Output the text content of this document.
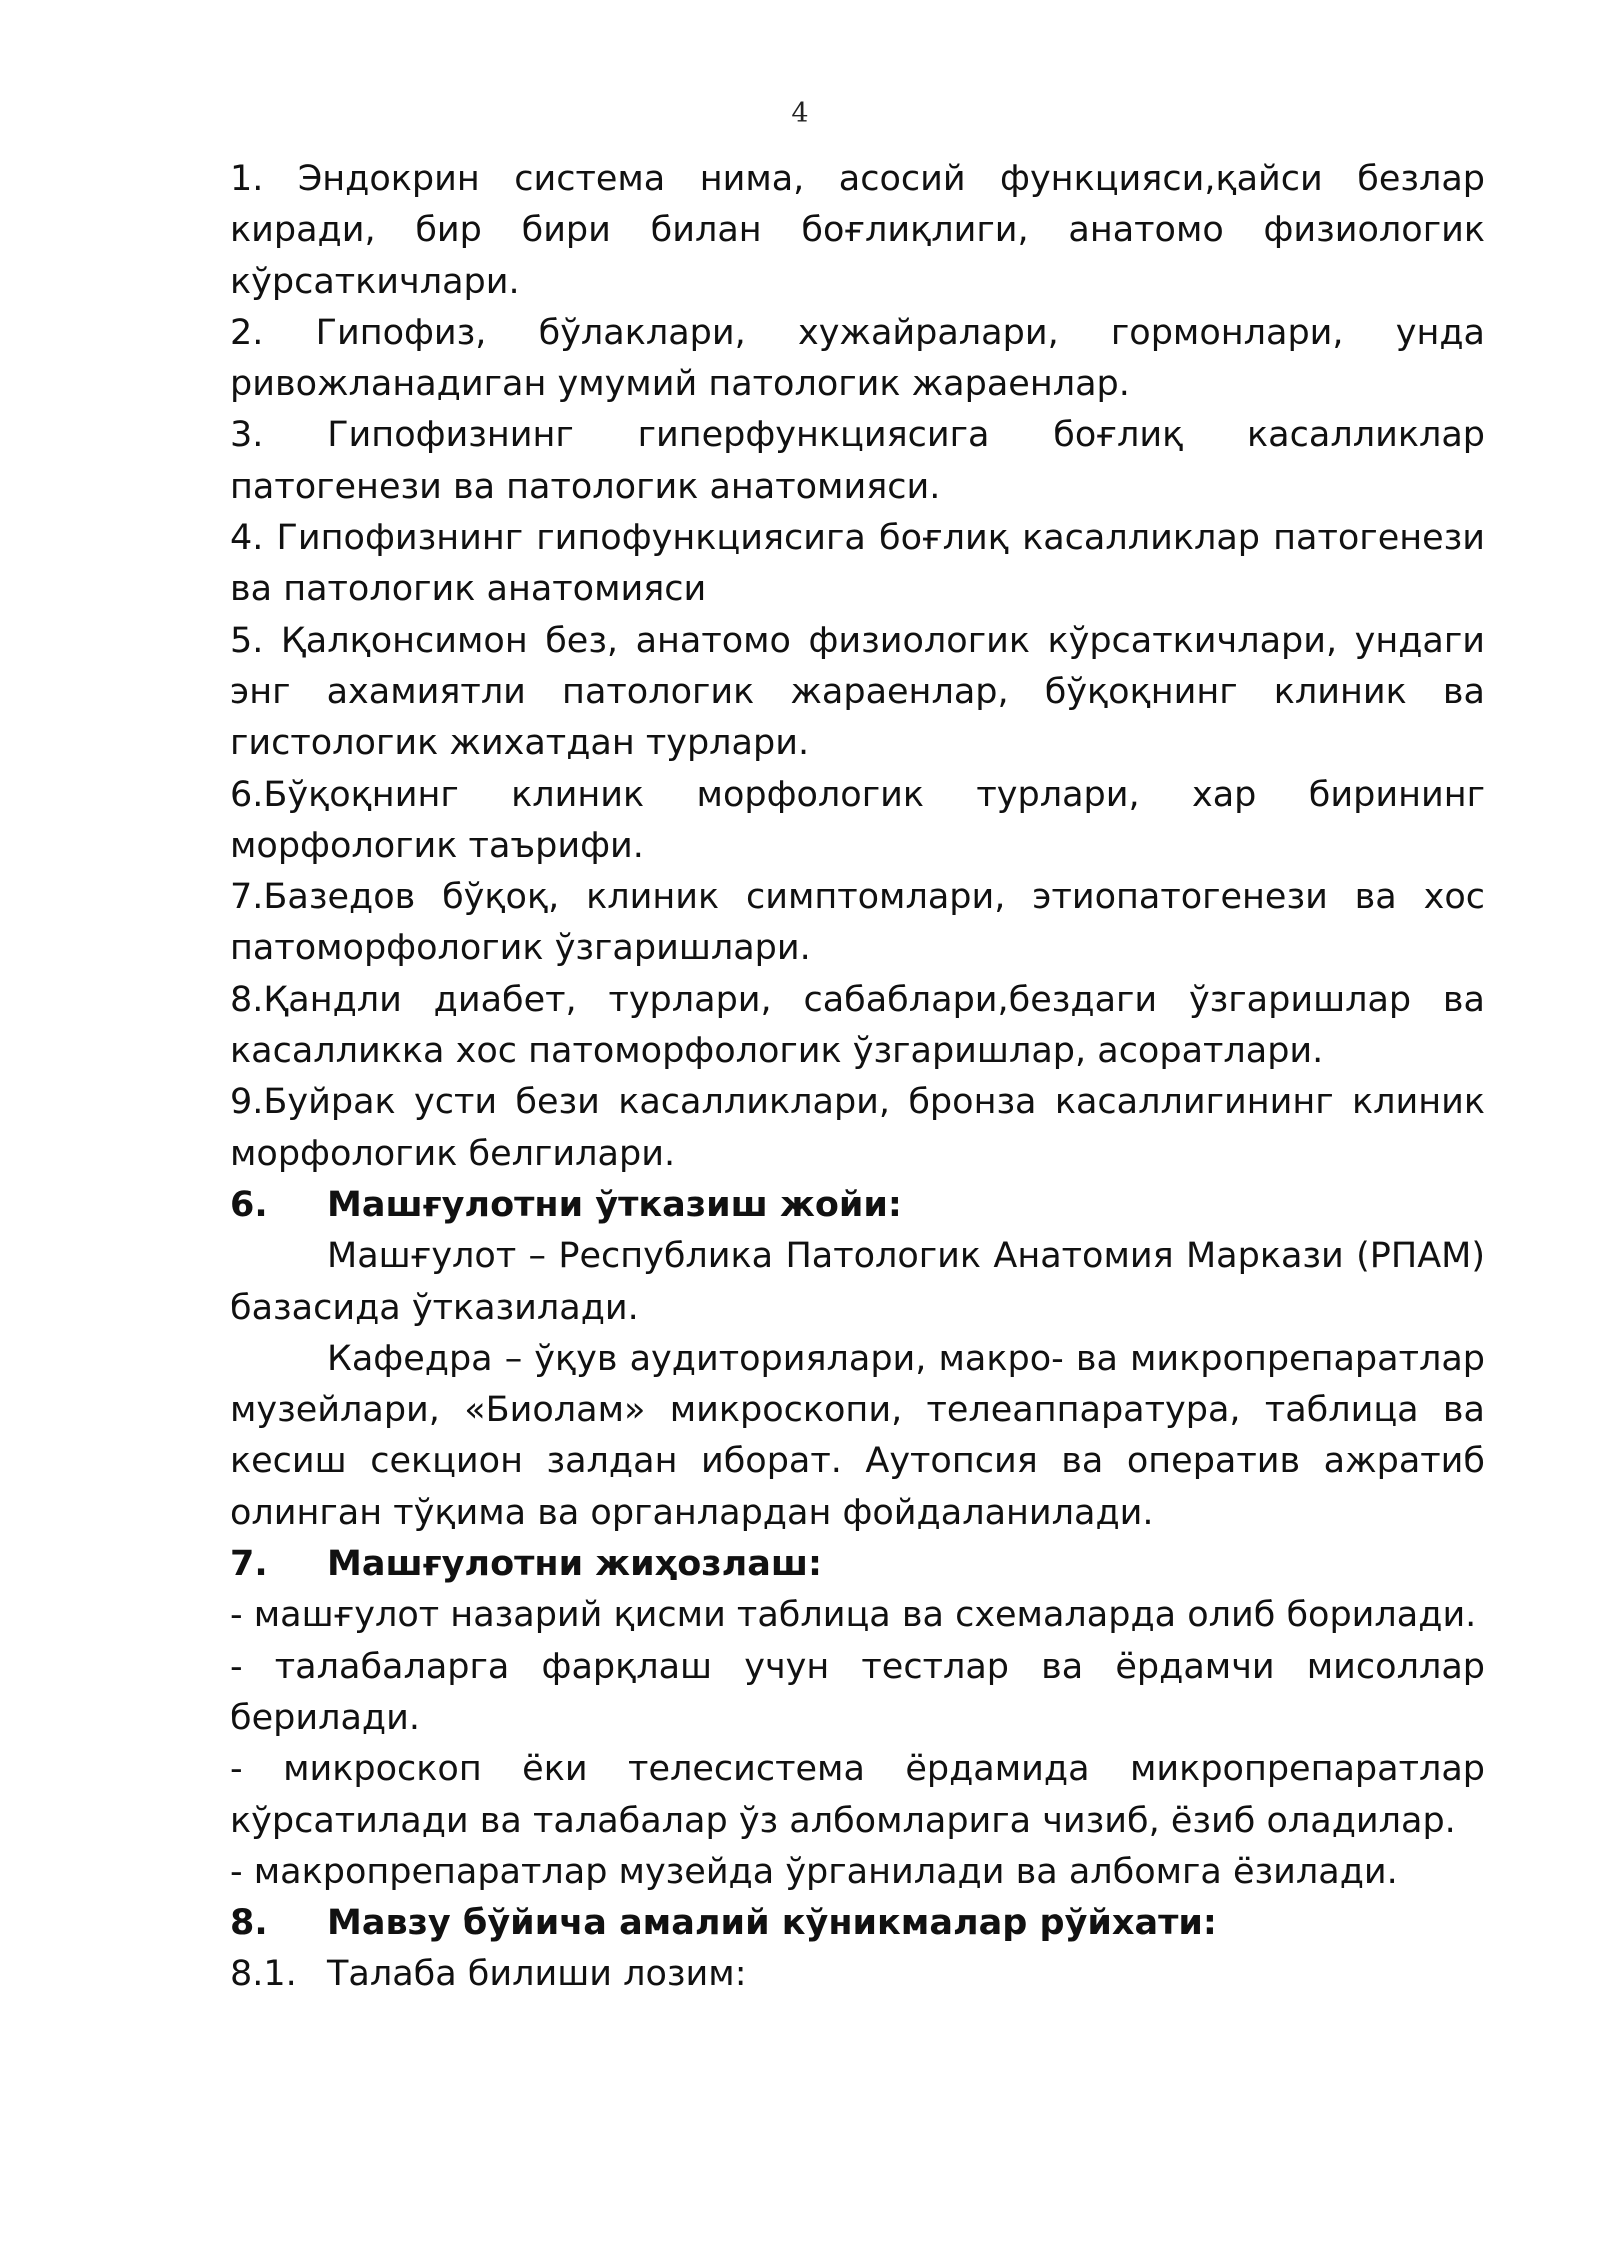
4

1. Эндокрин система нима, асосий функцияси,қайси безлар киради, бир бири билан боғлиқлиги, анатомо физиологик кўрсаткичлари.

2. Гипофиз, бўлаклари, хужайралари, гормонлари, унда ривожланадиган умумий патологик жараенлар.

3. Гипофизнинг гиперфункциясига боғлиқ касалликлар патогенези ва патологик анатомияси.

4. Гипофизнинг гипофункциясига боғлиқ касалликлар патогенези ва патологик анатомияси

5. Қалқонсимон без, анатомо физиологик кўрсаткичлари, ундаги энг ахамиятли патологик жараенлар, бўқоқнинг клиник ва гистологик жихатдан турлари.

6.Бўқоқнинг клиник морфологик турлари, хар бирининг морфологик таърифи.

7.Базедов бўқоқ, клиник симптомлари, этиопатогенези ва хос патоморфологик ўзгаришлари.

8.Қандли диабет, турлари, сабаблари,бездаги ўзгаришлар ва касалликка хос патоморфологик ўзгаришлар, асоратлари.

9.Буйрак усти бези касалликлари, бронза касаллигининг клиник морфологик белгилари.

6. Машғулотни ўтказиш жойи:

Машғулот – Республика Патологик Анатомия Маркази (РПАМ) базасида ўтказилади.

Кафедра – ўқув аудиториялари, макро- ва микропрепаратлар музейлари, «Биолам» микроскопи, телеаппаратура, таблица ва кесиш секцион залдан иборат. Аутопсия ва оператив ажратиб олинган тўқима ва органлардан фойдаланилади.

7. Машғулотни жиҳозлаш:

- машғулот назарий қисми таблица ва схемаларда олиб борилади.

- талабаларга фарқлаш учун тестлар ва ёрдамчи мисоллар берилади.

- микроскоп ёки телесистема ёрдамида микропрепаратлар кўрсатилади ва талабалар ўз албомларига чизиб, ёзиб оладилар.

- макропрепаратлар музейда ўрганилади ва албомга ёзилади.

8. Мавзу бўйича амалий кўникмалар рўйхати:

8.1. Талаба билиши лозим:
